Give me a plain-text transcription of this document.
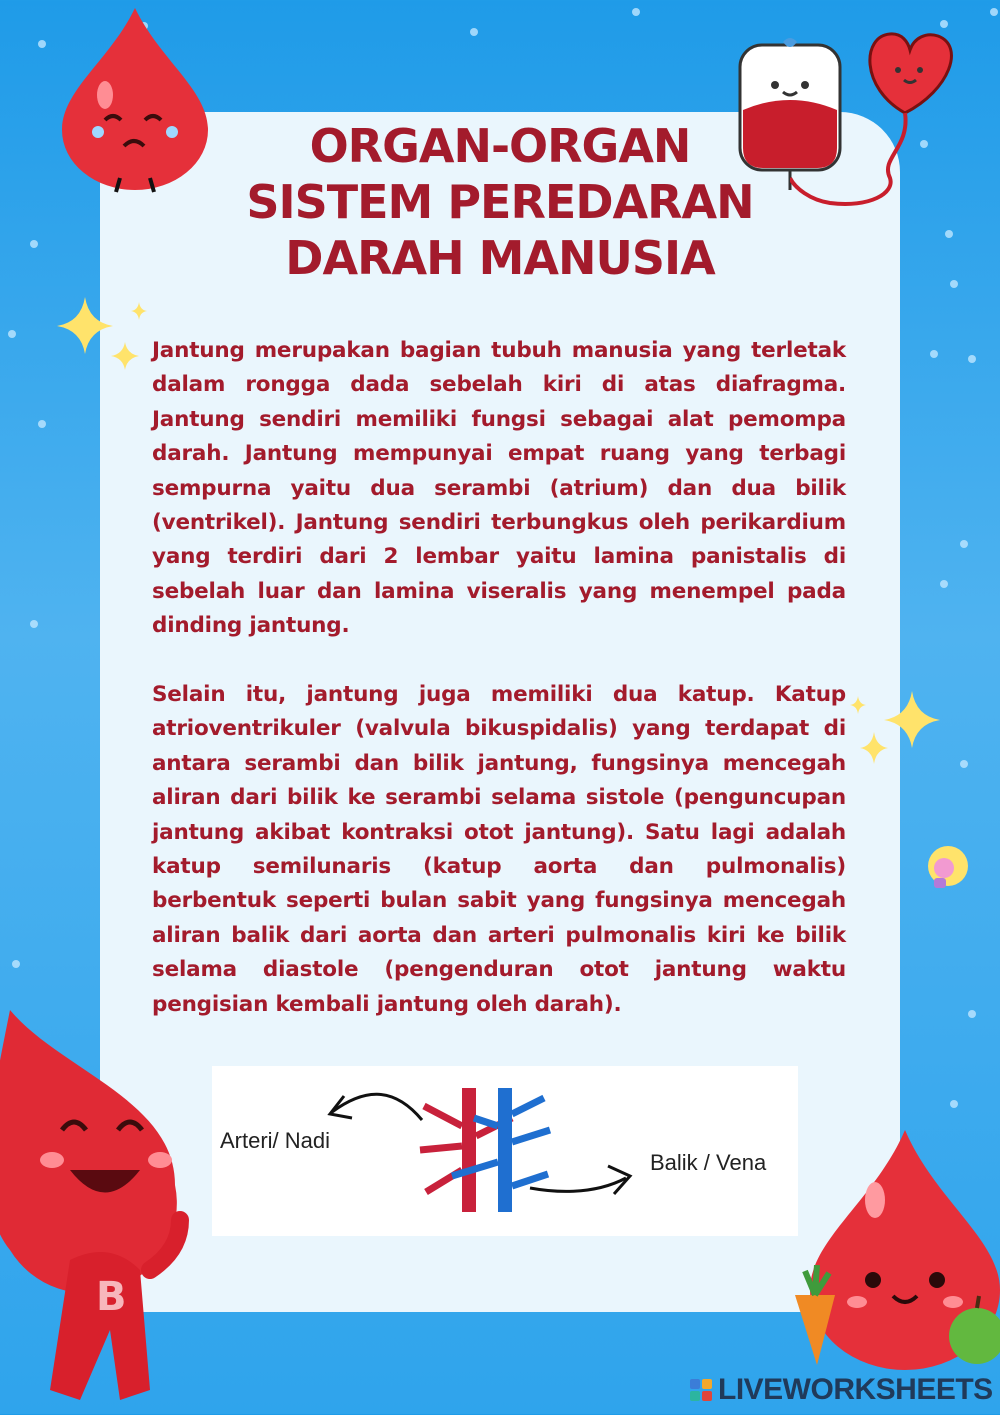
ORGAN-ORGAN
SISTEM PEREDARAN
DARAH MANUSIA

Jantung merupakan bagian tubuh manusia yang terletak dalam rongga dada sebelah kiri di atas diafragma. Jantung sendiri memiliki fungsi sebagai alat pemompa darah. Jantung mempunyai empat ruang yang terbagi sempurna yaitu dua serambi (atrium) dan dua bilik (ventrikel). Jantung sendiri terbungkus oleh perikardium yang terdiri dari 2 lembar yaitu lamina panistalis di sebelah luar dan lamina viseralis yang menempel pada dinding jantung.

Selain itu, jantung juga memiliki dua katup. Katup atrioventrikuler (valvula bikuspidalis) yang terdapat di antara serambi dan bilik jantung, fungsinya mencegah aliran dari bilik ke serambi selama sistole (penguncupan jantung akibat kontraksi otot jantung). Satu lagi adalah katup semilunaris (katup aorta dan pulmonalis) berbentuk seperti bulan sabit yang fungsinya mencegah aliran balik dari aorta dan arteri pulmonalis kiri ke bilik selama diastole (pengenduran otot jantung waktu pengisian kembali jantung oleh darah).

Arteri/ Nadi
Balik / Vena
B
LIVEWORKSHEETS
